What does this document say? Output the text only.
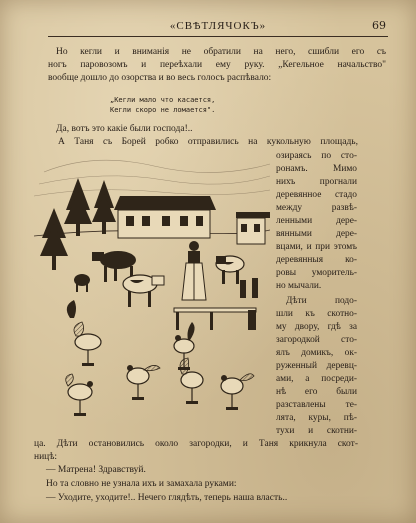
«СВѢТЛЯЧОКЪ»	69
Но кегли и вниманія не обратили на него, сшибли его съ
ногъ паровозомъ и переѣхали ему руку. „Кегельное начальство"
вообще дошло до озорства и во весь голосъ распѣвало:
„Кегли мало что касается,
Кегли скоро не ломается".
Да, вотъ это какіе были господа!..
А Таня съ Борей робко отправились на кукольную площадь,
озираясь по сто-
ронамъ. Мимо
нихъ прогнали
деревянное стадо
между развѣ-
ленными дере-
вянными дере-
вцами, и при этомъ
деревянныя ко-
ровы уморитель-
но мычали.
Дѣти подо-
шли къ скотно-
му двору, гдѣ за
загородкой сто-
ялъ домикъ, ок-
руженный деревц-
ами, а посреди-
нѣ его были
разставлены те-
лята, куры, пѣ-
тухи и скотни-
ца. Дѣти остановились около загородки, и Таня крикнула скот-
ницѣ:
— Матрена! Здравствуй.
Но та словно не узнала ихъ и замахала руками:
— Уходите, уходите!.. Нечего глядѣть, теперь наша власть..
